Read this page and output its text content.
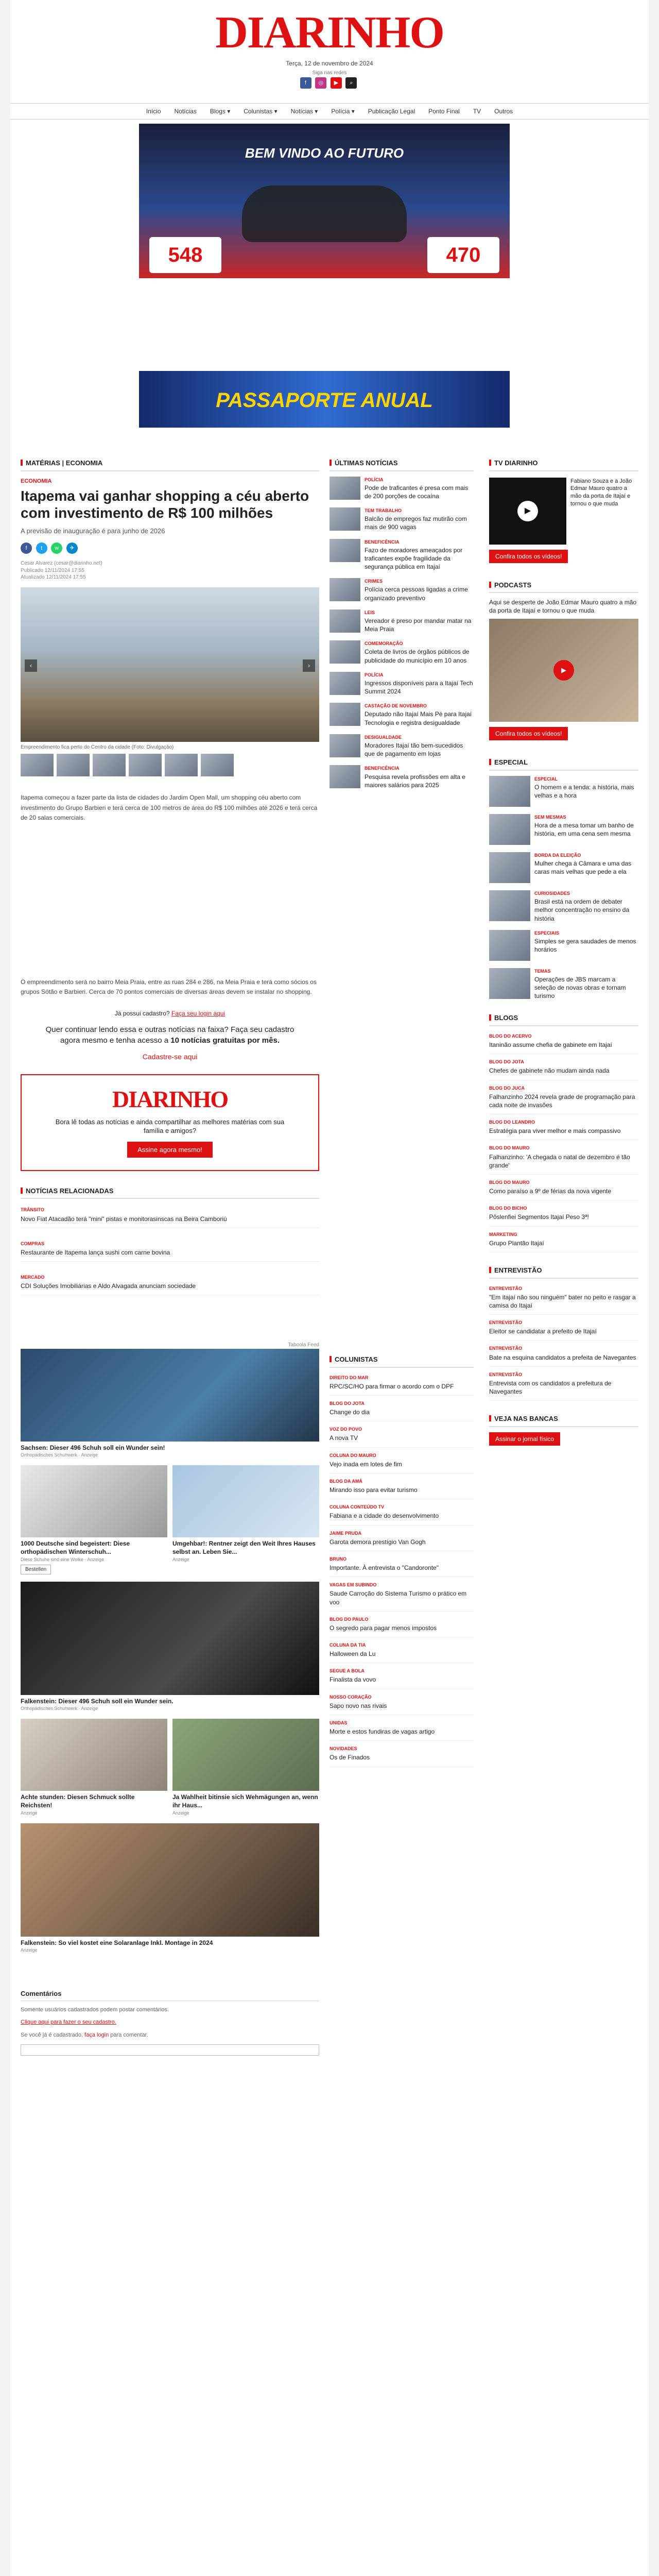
DIARINHO
Terça, 12 de novembro de 2024
Siga nas redes
f ◎ ▶ ⌕
Início Notícias Blogs ▾ Colunistas ▾ Notícias ▾ Polícia ▾ Publicação Legal Ponto Final TV Outros
BEM VINDO AO FUTURO
548	470
PASSAPORTE ANUAL
MATÉRIAS | ECONOMIA
ECONOMIA
Itapema vai ganhar shopping a céu aberto com investimento de R$ 100 milhões
A previsão de inauguração é para junho de 2026
f t w ✈
Cesar Alvarez (cesar@diarinho.net)
Publicado 12/11/2024 17:55
Atualizado 12/11/2024 17:55
‹	›
Empreendimento fica perto do Centro da cidade (Foto: Divulgação)

Itapema começou a fazer parte da lista de cidades do Jardim Open Mall, um shopping céu aberto com investimento do Grupo Barbieri e terá cerca de 100 metros de área do R$ 100 milhões até 2026 e terá cerca de 20 salas comerciais.

O empreendimento será no bairro Meia Praia, entre as ruas 284 e 286, na Meia Praia e terá como sócios os grupos Sótão e Barbieri. Cerca de 70 pontos comerciais de diversas áreas devem se instalar no shopping.

Já possui cadastro? Faça seu login aqui
Quer continuar lendo essa e outras notícias na faixa? Faça seu cadastro agora mesmo e tenha acesso a 10 notícias gratuitas por mês.
Cadastre-se aqui
DIARINHO
Bora lê todas as notícias e ainda compartilhar as melhores matérias com sua família e amigos?
Assine agora mesmo!
NOTÍCIAS RELACIONADAS
TRÂNSITO
Novo Fiat Atacadão terá "mini" pistas e monitorasinscas na Beira Camboriú
COMPRAS
Restaurante de Itapema lança sushi com carne bovina
MERCADO
CDI Soluções Imobiliárias e Aldo Alvagada anunciam sociedade
Taboola Feed
Sachsen: Dieser 496 Schuh soll ein Wunder sein!
Orthopädisches Schuhwerk · Anzeige
1000 Deutsche sind begeistert: Diese orthopädischen Winterschuh...
Diese Schuhe sind eine Wolke · Anzeige
Bestellen
Umgehbar!: Rentner zeigt den Weit Ihres Hauses selbst an. Leben Sie...
Anzeige
Falkenstein: Dieser 496 Schuh soll ein Wunder sein.
Orthopädisches Schuhwerk · Anzeige
Achte stunden: Diesen Schmuck sollte Reichsten!
Anzeige
Ja Wahlheit bitinsie sich Wehmägungen an, wenn ihr Haus...
Anzeige
Falkenstein: So viel kostet eine Solaranlage Inkl. Montage in 2024
Anzeige
Comentários
Somente usuários cadastrados podem postar comentários.
Clique aqui para fazer o seu cadastro.
Se você já é cadastrado, faça login para comentar.
ÚLTIMAS NOTÍCIAS
POLÍCIA
Pode de traficantes é presa com mais de 200 porções de cocaína
TEM TRABALHO
Balcão de empregos faz mutirão com mais de 900 vagas
BENEFICÊNCIA
Fazo de moradores ameaçados por traficantes expõe fragilidade da segurança pública em Itajaí
CRIMES
Polícia cerca pessoas ligadas a crime organizado preventivo
LEIS
Vereador é preso por mandar matar na Meia Praia
COMEMORAÇÃO
Coleta de livros de órgãos públicos de publicidade do município em 10 anos
POLÍCIA
Ingressos disponíveis para a Itajaí Tech Summit 2024
CASTAÇÃO DE NOVEMBRO
Deputado não Itajaí Mais Pé para Itajaí Tecnologia e registra desigualdade
DESIGUALDADE
Moradores Itajaí tão bem-sucedidos que de pagamento em lojas
BENEFICÊNCIA
Pesquisa revela profissões em alta e maiores salários para 2025
COLUNISTAS
DIREITO DO MAR
RPC/SC/HO para firmar o acordo com o DPF
BLOG DO JOTA
Change do dia
VOZ DO POVO
A nova TV
COLUNA DO MAURO
Vejo inada em lotes de fim
BLOG DA AMÁ
Mirando isso para evitar turismo
COLUNA CONTEÚDO TV
Fabiana e a cidade do desenvolvimento
JAIME PRUDA
Garota demora prestígio Van Gogh
BRUNO
Importante. À entrevista o "Candoronte"
VAGAS EM SUBINDO
Saude Carroção do Sistema Turismo o prático em voo
BLOG DO PAULO
O segredo para pagar menos impostos
COLUNA DA TIA
Halloween da Lu
SEGUE A BOLA
Finalista da vovo
NOSSO CORAÇÃO
Sapo novo nas rivais
UNIDAS
Morte e estos fundiras de vagas artigo
NOVIDADES
Os de Finados
TV DIARINHO
▶
Fabiano Souza e a João Edmar Mauro quatro a mão da porta de Itajaí e tornou o que muda
Confira todos os vídeos!
PODCASTS
Aqui se desperte de João Edmar Mauro quatro a mão da porta de Itajaí e tornou o que muda
▶
Confira todos os vídeos!
ESPECIAL
ESPECIAL
O homem e a tenda: a história, mais velhas e a hora
SEM MESMAS
Hora de a mesa tomar um banho de história, em uma cena sem mesma
BORDA DA ELEIÇÃO
Mulher chega à Câmara e uma das caras mais velhas que pede a ela
CURIOSIDADES
Brasil está na ordem de debater melhor concentração no ensino da história
ESPECIAIS
Simples se gera saudades de menos horários
TEMAS
Operações de JBS marcam a seleção de novas obras e tornam turismo
BLOGS
BLOG DO ACERVO
Itaninão assume chefia de gabinete em Itajaí
BLOG DO JOTA
Chefes de gabinete não mudam ainda nada
BLOG DO JUCA
Falhanzinho 2024 revela grade de programação para cada noite de invasões
BLOG DO LEANDRO
Estratégia para viver melhor e mais compassivo
BLOG DO MAURO
Falhanzinho: 'A chegada o natal de dezembro é tão grande'
BLOG DO MAURO
Como paraíso a 9º de férias da nova vigente
BLOG DO BICHO
Pôslenfiei Segmentos Itajaí Peso 3ª!
MARKETING
Grupo Plantão Itajaí
ENTREVISTÃO
ENTREVISTÃO
"Em itajaí não sou ninguém" bater no peito e rasgar a camisa do Itajaí
ENTREVISTÃO
Eleitor se candidatar a prefeito de Itajaí
ENTREVISTÃO
Bate na esquina candidatos a prefeita de Navegantes
ENTREVISTÃO
Entrevista com os candidatos a prefeitura de Navegantes
VEJA NAS BANCAS
Assinar o jornal físico
